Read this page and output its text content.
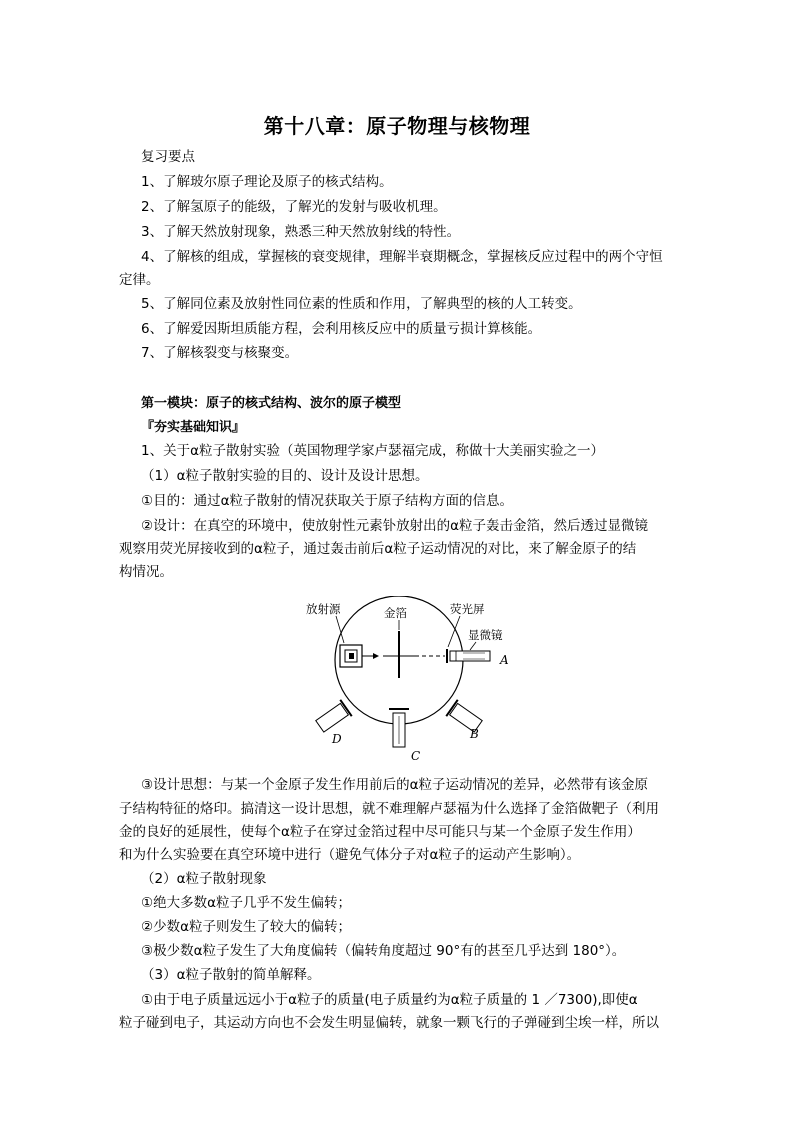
第十八章：原子物理与核物理
复习要点
1、了解玻尔原子理论及原子的核式结构。
2、了解氢原子的能级，了解光的发射与吸收机理。
3、了解天然放射现象，熟悉三种天然放射线的特性。
4、了解核的组成，掌握核的衰变规律，理解半衰期概念，掌握核反应过程中的两个守恒
定律。
5、了解同位素及放射性同位素的性质和作用，了解典型的核的人工转变。
6、了解爱因斯坦质能方程，会利用核反应中的质量亏损计算核能。
7、了解核裂变与核聚变。
第一模块：原子的核式结构、波尔的原子模型
『夯实基础知识』
1、关于α粒子散射实验（英国物理学家卢瑟福完成，称做十大美丽实验之一）
（1）α粒子散射实验的目的、设计及设计思想。
①目的：通过α粒子散射的情况获取关于原子结构方面的信息。
②设计：在真空的环境中，使放射性元素钋放射出的α粒子轰击金箔，然后透过显微镜
观察用荧光屏接收到的α粒子，通过轰击前后α粒子运动情况的对比，来了解金原子的结
构情况。
放射源	金箔	荧光屏
显微镜
A
B
C
D
③设计思想：与某一个金原子发生作用前后的α粒子运动情况的差异，必然带有该金原
子结构特征的烙印。搞清这一设计思想，就不难理解卢瑟福为什么选择了金箔做靶子（利用
金的良好的延展性，使每个α粒子在穿过金箔过程中尽可能只与某一个金原子发生作用）
和为什么实验要在真空环境中进行（避免气体分子对α粒子的运动产生影响）。
（2）α粒子散射现象
①绝大多数α粒子几乎不发生偏转；
②少数α粒子则发生了较大的偏转；
③极少数α粒子发生了大角度偏转（偏转角度超过 90°有的甚至几乎达到 180°）。
（3）α粒子散射的简单解释。
①由于电子质量远远小于α粒子的质量(电子质量约为α粒子质量的 1 ／7300),即使α
粒子碰到电子，其运动方向也不会发生明显偏转，就象一颗飞行的子弹碰到尘埃一样，所以
